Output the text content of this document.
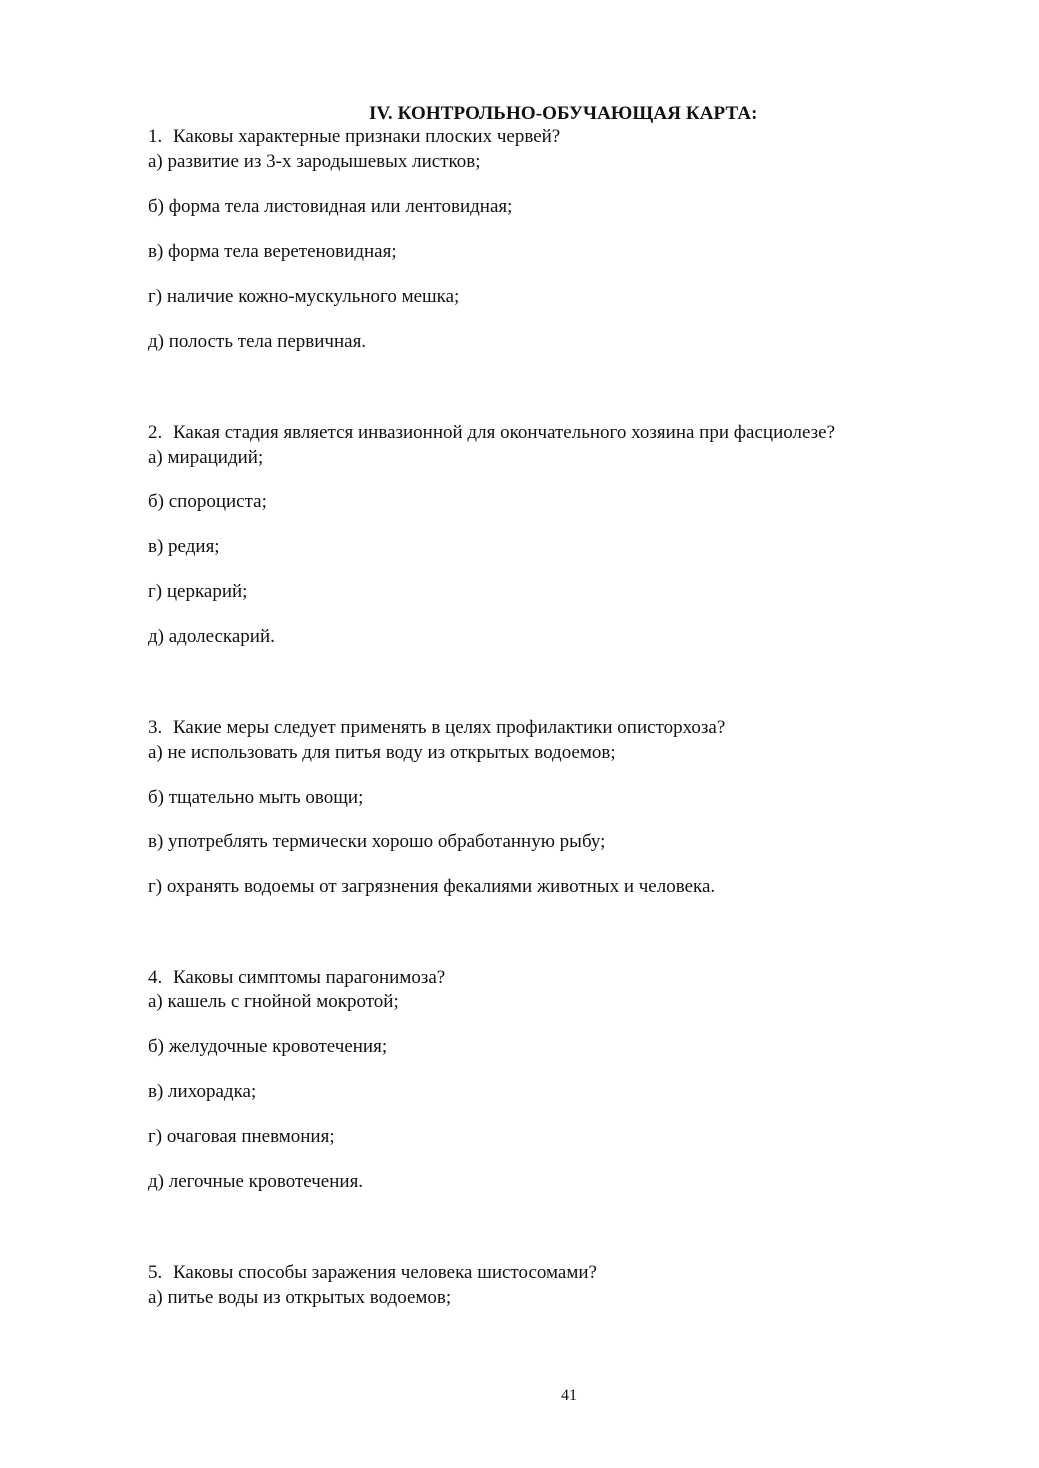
IV. КОНТРОЛЬНО-ОБУЧАЮЩАЯ КАРТА:
1. Каковы характерные признаки плоских червей?
а) развитие из 3-х зародышевых листков;
б) форма тела листовидная или лентовидная;
в) форма тела веретеновидная;
г) наличие кожно-мускульного мешка;
д) полость тела первичная.
2. Какая стадия является инвазионной для окончательного хозяина при фасциолезе?
а) мирацидий;
б) спороциста;
в) редия;
г) церкарий;
д) адолескарий.
3. Какие меры следует применять в целях профилактики описторхоза?
а) не использовать для питья воду из открытых водоемов;
б) тщательно мыть овощи;
в) употреблять термически хорошо обработанную рыбу;
г) охранять водоемы от загрязнения фекалиями животных и человека.
4. Каковы симптомы парагонимоза?
а) кашель с гнойной мокротой;
б) желудочные кровотечения;
в) лихорадка;
г) очаговая пневмония;
д) легочные кровотечения.
5. Каковы способы заражения человека шистосомами?
а) питье воды из открытых водоемов;
41
